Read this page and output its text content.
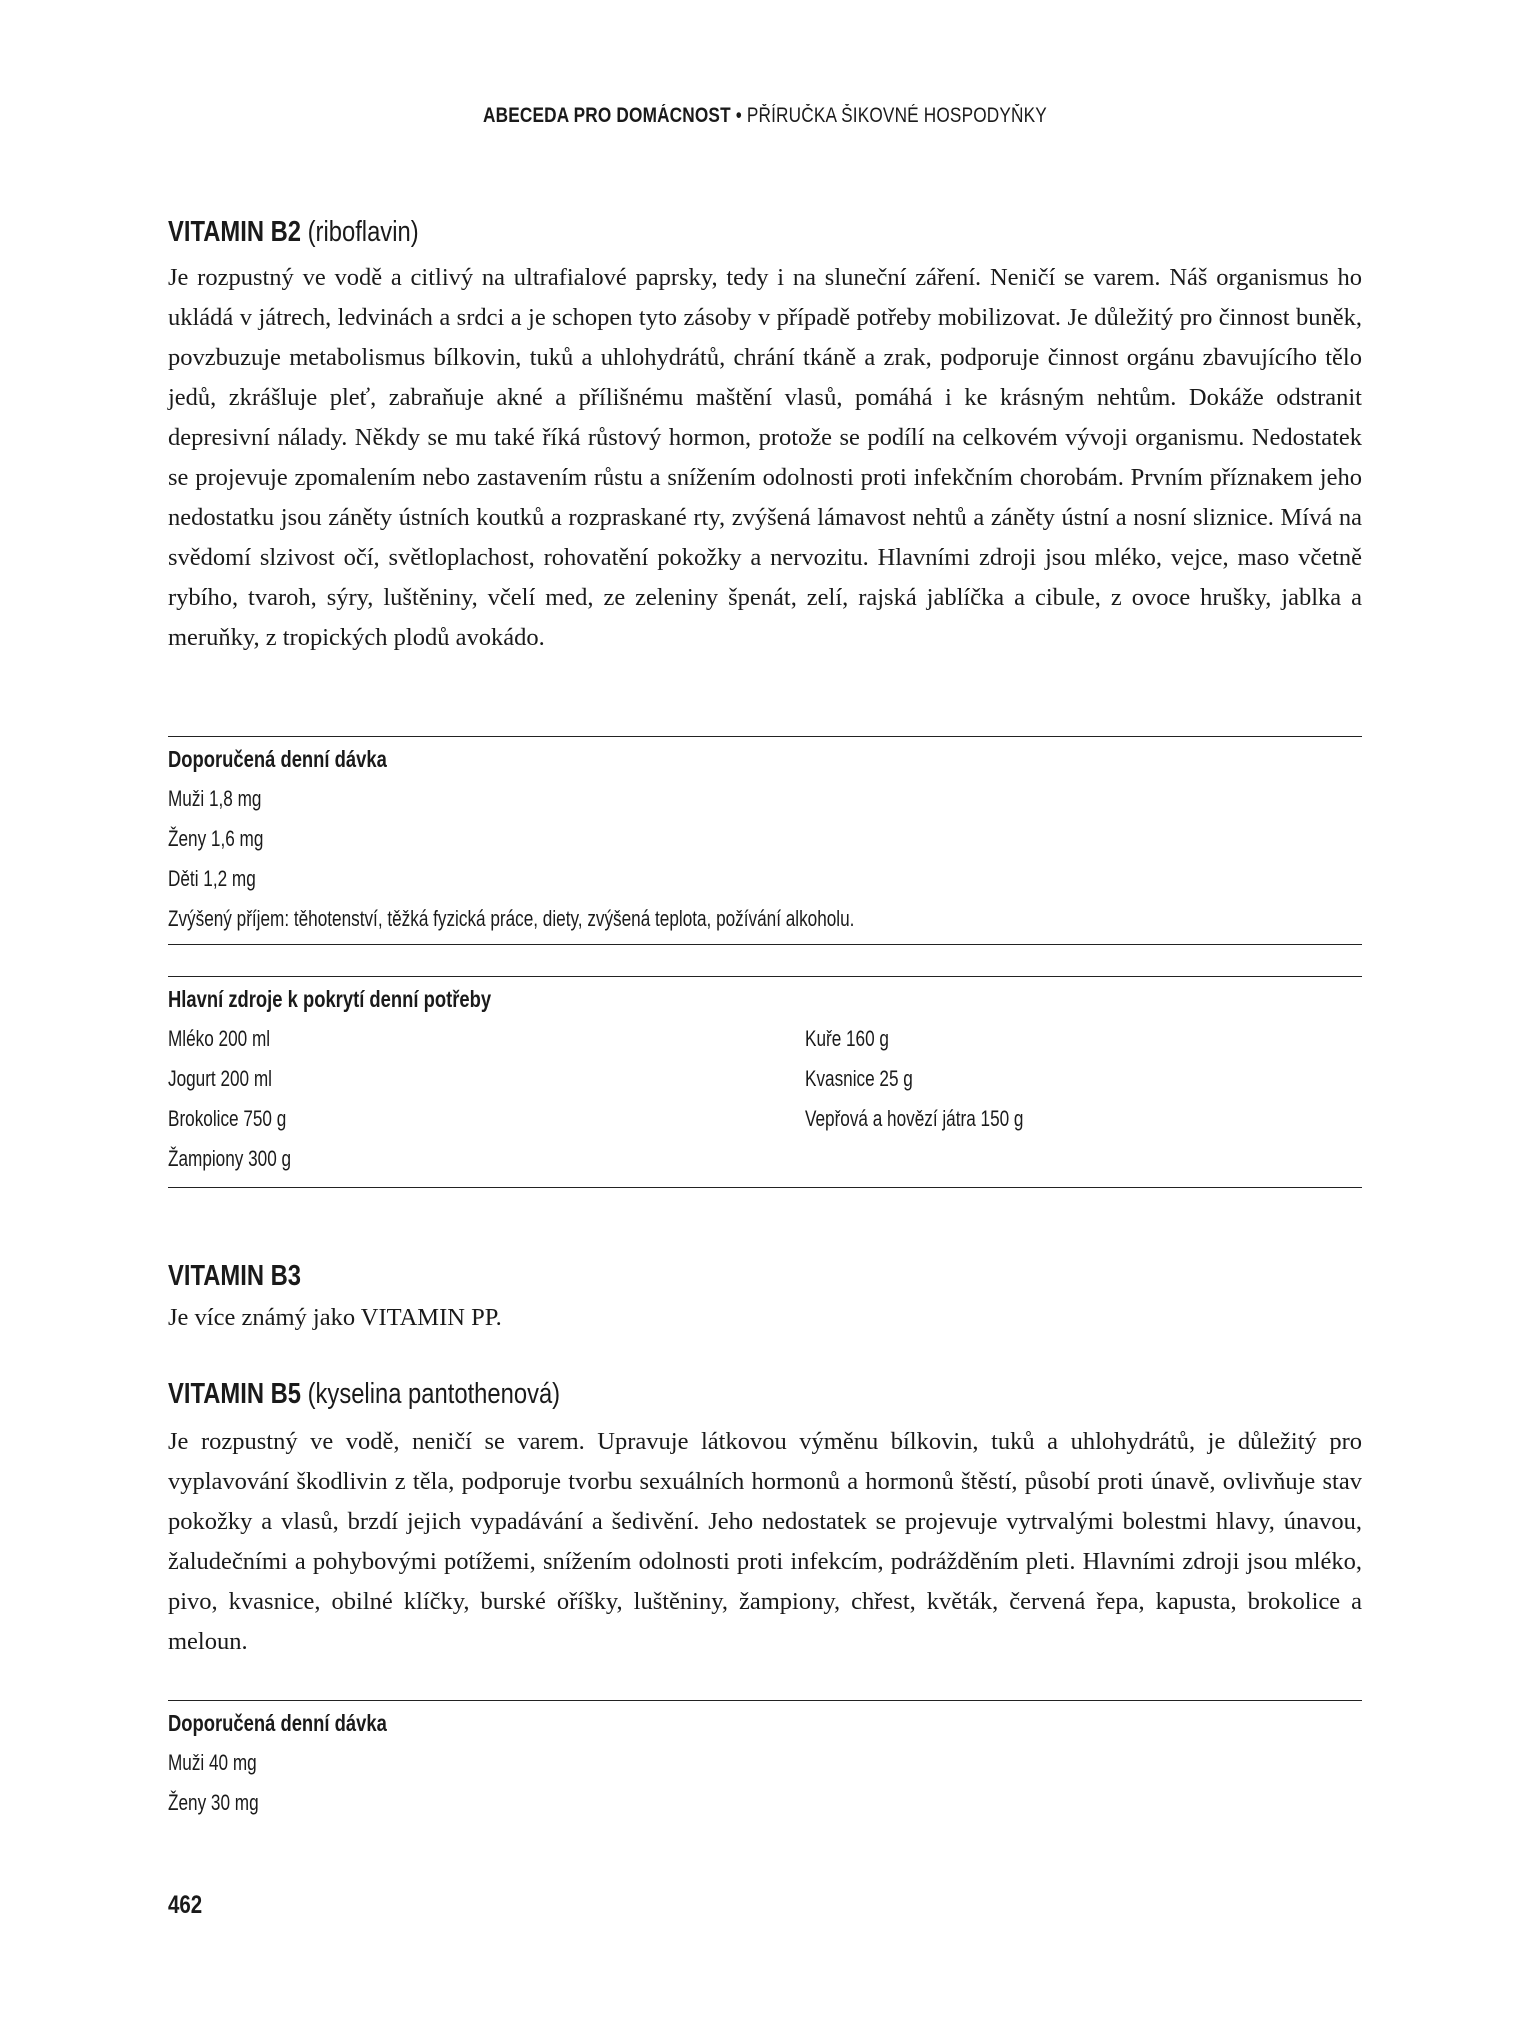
ABECEDA PRO DOMÁCNOST • PŘÍRUČKA ŠIKOVNÉ HOSPODYŇKY
VITAMIN B2 (riboflavin)

Je rozpustný ve vodě a citlivý na ultrafialové paprsky, tedy i na sluneční záření. Neničí se varem. Náš organismus ho ukládá v játrech, ledvinách a srdci a je schopen tyto zásoby v případě potřeby mobilizovat. Je důležitý pro činnost buněk, povzbuzuje metabolismus bílkovin, tuků a uhlohydrátů, chrání tkáně a zrak, podporuje činnost orgánu zbavujícího tělo jedů, zkrášluje pleť, zabraňuje akné a přílišnému maštění vlasů, pomáhá i ke krásným nehtům. Dokáže odstranit depresivní nálady. Někdy se mu také říká růstový hormon, protože se podílí na celkovém vývoji organismu. Nedostatek se projevuje zpomalením nebo zastavením růstu a snížením odolnosti proti infekčním chorobám. Prvním příznakem jeho nedostatku jsou záněty ústních koutků a rozpraskané rty, zvýšená lámavost nehtů a záněty ústní a nosní sliznice. Mívá na svědomí slzivost očí, světloplachost, rohovatění pokožky a nervozitu. Hlavními zdroji jsou mléko, vejce, maso včetně rybího, tvaroh, sýry, luštěniny, včelí med, ze zeleniny špenát, zelí, rajská jablíčka a cibule, z ovoce hrušky, jablka a meruňky, z tropických plodů avokádo.

Doporučená denní dávka
Muži 1,8 mg
Ženy 1,6 mg
Děti 1,2 mg
Zvýšený příjem: těhotenství, těžká fyzická práce, diety, zvýšená teplota, požívání alkoholu.
Hlavní zdroje k pokrytí denní potřeby
Mléko 200 ml
Jogurt 200 ml
Brokolice 750 g
Žampiony 300 g
Kuře 160 g
Kvasnice 25 g
Vepřová a hovězí játra 150 g
VITAMIN B3

Je více známý jako VITAMIN PP.

VITAMIN B5 (kyselina pantothenová)

Je rozpustný ve vodě, neničí se varem. Upravuje látkovou výměnu bílkovin, tuků a uhlohydrátů, je důležitý pro vyplavování škodlivin z těla, podporuje tvorbu sexuálních hormonů a hormonů štěstí, působí proti únavě, ovlivňuje stav pokožky a vlasů, brzdí jejich vypadávání a šedivění. Jeho nedostatek se projevuje vytrvalými bolestmi hlavy, únavou, žaludečními a pohybovými potížemi, snížením odolnosti proti infekcím, podrážděním pleti. Hlavními zdroji jsou mléko, pivo, kvasnice, obilné klíčky, burské oříšky, luštěniny, žampiony, chřest, květák, červená řepa, kapusta, brokolice a meloun.

Doporučená denní dávka
Muži 40 mg
Ženy 30 mg
462
